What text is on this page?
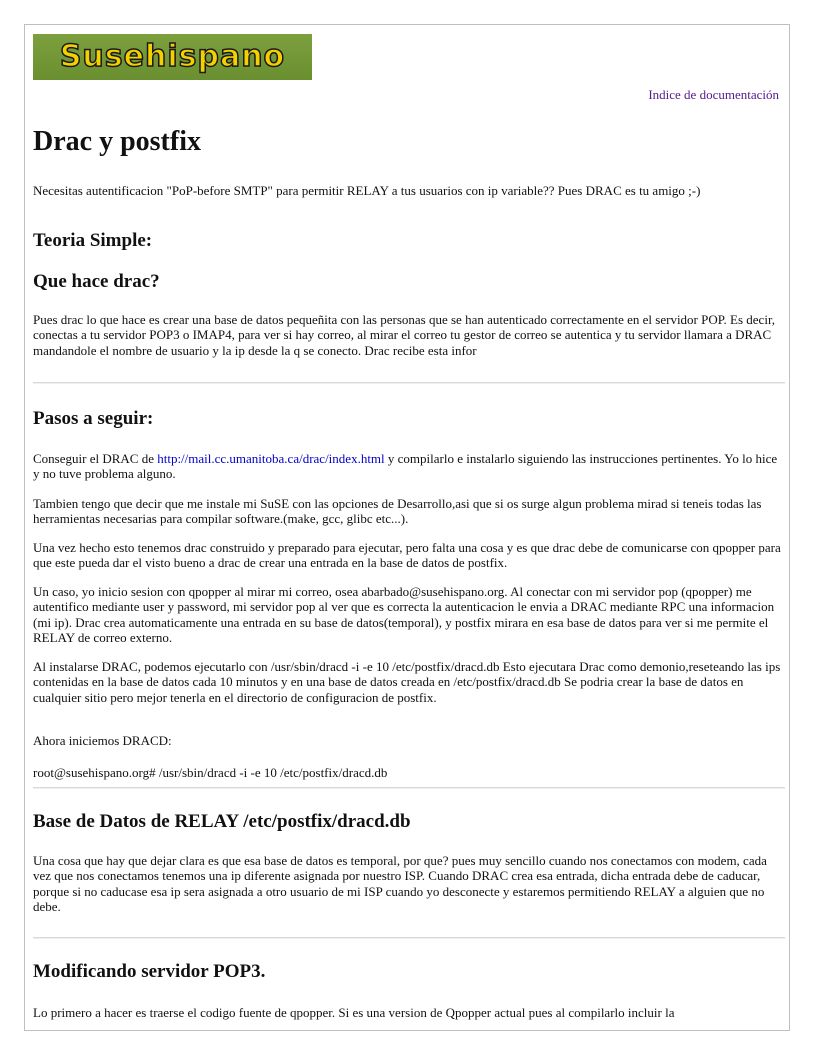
Susehispano
Indice de documentación
Drac y postfix

Necesitas autentificacion "PoP-before SMTP" para permitir RELAY a tus usuarios con ip variable?? Pues DRAC es tu amigo ;-)

Teoria Simple:
Que hace drac?

Pues drac lo que hace es crear una base de datos pequeñita con las personas que se han autenticado correctamente en el servidor POP. Es decir, conectas a tu servidor POP3 o IMAP4, para ver si hay correo, al mirar el correo tu gestor de correo se autentica y tu servidor llamara a DRAC mandandole el nombre de usuario y la ip desde la q se conecto. Drac recibe esta infor

Pasos a seguir:

Conseguir el DRAC de http://mail.cc.umanitoba.ca/drac/index.html y compilarlo e instalarlo siguiendo las instrucciones pertinentes. Yo lo hice y no tuve problema alguno.

Tambien tengo que decir que me instale mi SuSE con las opciones de Desarrollo,asi que si os surge algun problema mirad si teneis todas las herramientas necesarias para compilar software.(make, gcc, glibc etc...).

Una vez hecho esto tenemos drac construido y preparado para ejecutar, pero falta una cosa y es que drac debe de comunicarse con qpopper para que este pueda dar el visto bueno a drac de crear una entrada en la base de datos de postfix.

Un caso, yo inicio sesion con qpopper al mirar mi correo, osea abarbado@susehispano.org. Al conectar con mi servidor pop (qpopper) me autentifico mediante user y password, mi servidor pop al ver que es correcta la autenticacion le envia a DRAC mediante RPC una informacion (mi ip). Drac crea automaticamente una entrada en su base de datos(temporal), y postfix mirara en esa base de datos para ver si me permite el RELAY de correo externo.

Al instalarse DRAC, podemos ejecutarlo con /usr/sbin/dracd -i -e 10 /etc/postfix/dracd.db Esto ejecutara Drac como demonio,reseteando las ips contenidas en la base de datos cada 10 minutos y en una base de datos creada en /etc/postfix/dracd.db Se podria crear la base de datos en cualquier sitio pero mejor tenerla en el directorio de configuracion de postfix.

Ahora iniciemos DRACD:

root@susehispano.org# /usr/sbin/dracd -i -e 10 /etc/postfix/dracd.db

Base de Datos de RELAY /etc/postfix/dracd.db

Una cosa que hay que dejar clara es que esa base de datos es temporal, por que? pues muy sencillo cuando nos conectamos con modem, cada vez que nos conectamos tenemos una ip diferente asignada por nuestro ISP. Cuando DRAC crea esa entrada, dicha entrada debe de caducar, porque si no caducase esa ip sera asignada a otro usuario de mi ISP cuando yo desconecte y estaremos permitiendo RELAY a alguien que no debe.

Modificando servidor POP3.

Lo primero a hacer es traerse el codigo fuente de qpopper. Si es una version de Qpopper actual pues al compilarlo incluir la
